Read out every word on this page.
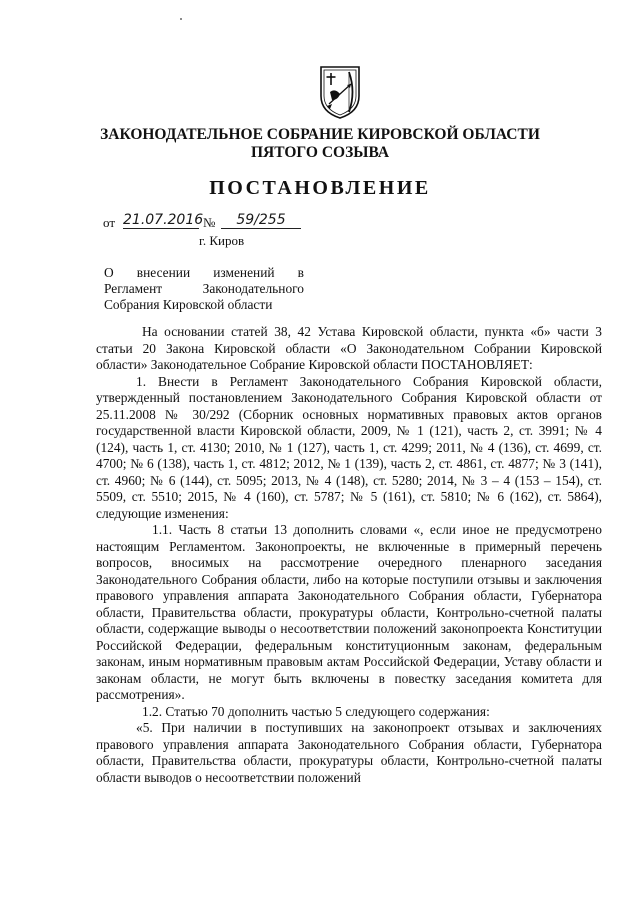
ЗАКОНОДАТЕЛЬНОЕ СОБРАНИЕ КИРОВСКОЙ ОБЛАСТИ
ПЯТОГО СОЗЫВА
ПОСТАНОВЛЕНИЕ
от 21.07.2016 №	59/255
г. Киров
О внесении изменений в
Регламент Законодательного
Собрания Кировской области

На основании статей 38, 42 Устава Кировской области, пункта «б» части 3 статьи 20 Закона Кировской области «О Законодательном Собрании Кировской области» Законодательное Собрание Кировской области ПОСТАНОВЛЯЕТ:

1. Внести в Регламент Законодательного Собрания Кировской области, утвержденный постановлением Законодательного Собрания Кировской области от 25.11.2008 № 30/292 (Сборник основных нормативных правовых актов органов государственной власти Кировской области, 2009, № 1 (121), часть 2, ст. 3991; № 4 (124), часть 1, ст. 4130; 2010, № 1 (127), часть 1, ст. 4299; 2011, № 4 (136), ст. 4699, ст. 4700; № 6 (138), часть 1, ст. 4812; 2012, № 1 (139), часть 2, ст. 4861, ст. 4877; № 3 (141), ст. 4960; № 6 (144), ст. 5095; 2013, № 4 (148), ст. 5280; 2014, № 3 – 4 (153 – 154), ст. 5509, ст. 5510; 2015, № 4 (160), ст. 5787; № 5 (161), ст. 5810; № 6 (162), ст. 5864), следующие изменения:

1.1. Часть 8 статьи 13 дополнить словами «, если иное не предусмотрено настоящим Регламентом. Законопроекты, не включенные в примерный перечень вопросов, вносимых на рассмотрение очередного пленарного заседания Законодательного Собрания области, либо на которые поступили отзывы и заключения правового управления аппарата Законодательного Собрания области, Губернатора области, Правительства области, прокуратуры области, Контрольно-счетной палаты области, содержащие выводы о несоответствии положений законопроекта Конституции Российской Федерации, федеральным конституционным законам, федеральным законам, иным нормативным правовым актам Российской Федерации, Уставу области и законам области, не могут быть включены в повестку заседания комитета для рассмотрения».

1.2. Статью 70 дополнить частью 5 следующего содержания:

«5. При наличии в поступивших на законопроект отзывах и заключениях правового управления аппарата Законодательного Собрания области, Губернатора области, Правительства области, прокуратуры области, Контрольно-счетной палаты области выводов о несоответствии положений
